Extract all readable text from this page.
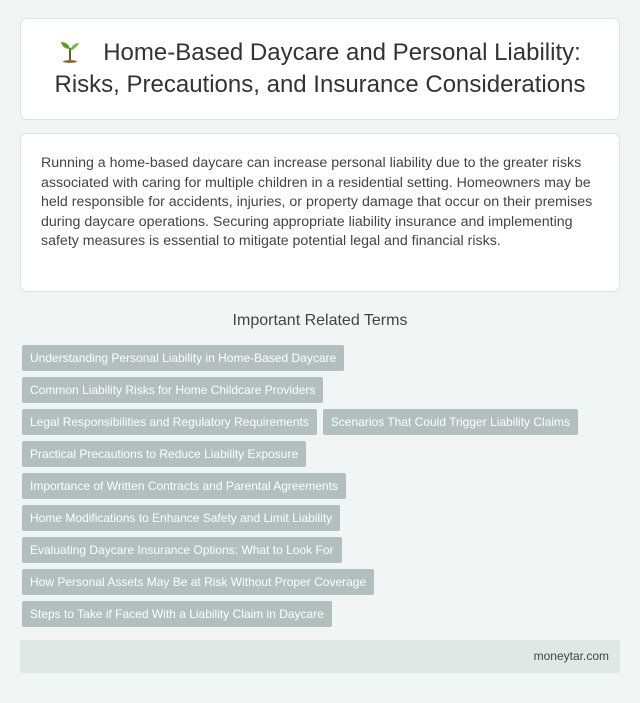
Home-Based Daycare and Personal Liability:
Risks, Precautions, and Insurance Considerations

Running a home-based daycare can increase personal liability due to the greater risks associated with caring for multiple children in a residential setting. Homeowners may be held responsible for accidents, injuries, or property damage that occur on their premises during daycare operations. Securing appropriate liability insurance and implementing safety measures is essential to mitigate potential legal and financial risks.

Important Related Terms
Understanding Personal Liability in Home-Based Daycare
Common Liability Risks for Home Childcare Providers
Legal Responsibilities and Regulatory Requirements	Scenarios That Could Trigger Liability Claims
Practical Precautions to Reduce Liability Exposure
Importance of Written Contracts and Parental Agreements
Home Modifications to Enhance Safety and Limit Liability
Evaluating Daycare Insurance Options: What to Look For
How Personal Assets May Be at Risk Without Proper Coverage
Steps to Take if Faced With a Liability Claim in Daycare
moneytar.com
